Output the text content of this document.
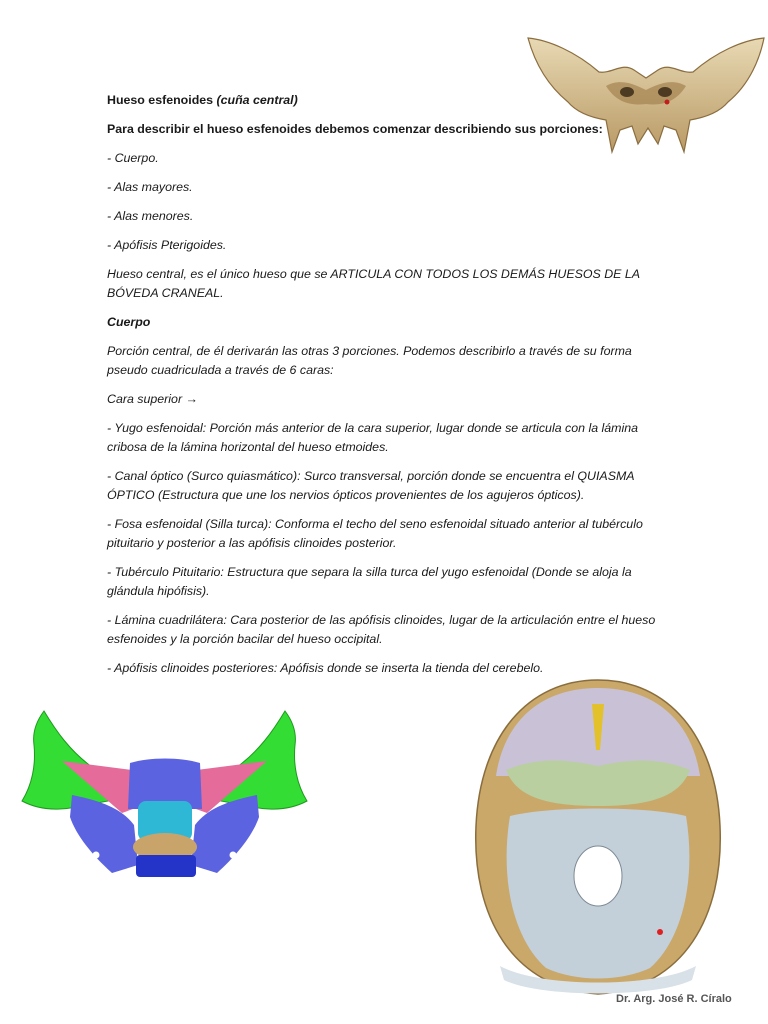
Hueso esfenoides (cuña central)

Para describir el hueso esfenoides debemos comenzar describiendo sus porciones:

- Cuerpo.

- Alas mayores.

- Alas menores.

- Apófisis Pterigoides.

Hueso central, es el único hueso que se ARTICULA CON TODOS LOS DEMÁS HUESOS DE LA BÓVEDA CRANEAL.

Cuerpo

Porción central, de él derivarán las otras 3 porciones. Podemos describirlo a través de su forma pseudo cuadriculada a través de 6 caras:

Cara superior →

- Yugo esfenoidal: Porción más anterior de la cara superior, lugar donde se articula con la lámina cribosa de la lámina horizontal del hueso etmoides.

- Canal óptico (Surco quiasmático): Surco transversal, porción donde se encuentra el QUIASMA ÓPTICO (Estructura que une los nervios ópticos provenientes de los agujeros ópticos).

- Fosa esfenoidal (Silla turca): Conforma el techo del seno esfenoidal situado anterior al tubérculo pituitario y posterior a las apófisis clinoides posterior.

- Tubérculo Pituitario: Estructura que separa la silla turca del yugo esfenoidal (Donde se aloja la glándula hipófisis).

- Lámina cuadrilátera: Cara posterior de las apófisis clinoides, lugar de la articulación entre el hueso esfenoides y la porción bacilar del hueso occipital.

- Apófisis clinoides posteriores: Apófisis donde se inserta la tienda del cerebelo.

Dr. Arg. José R. Círalo
